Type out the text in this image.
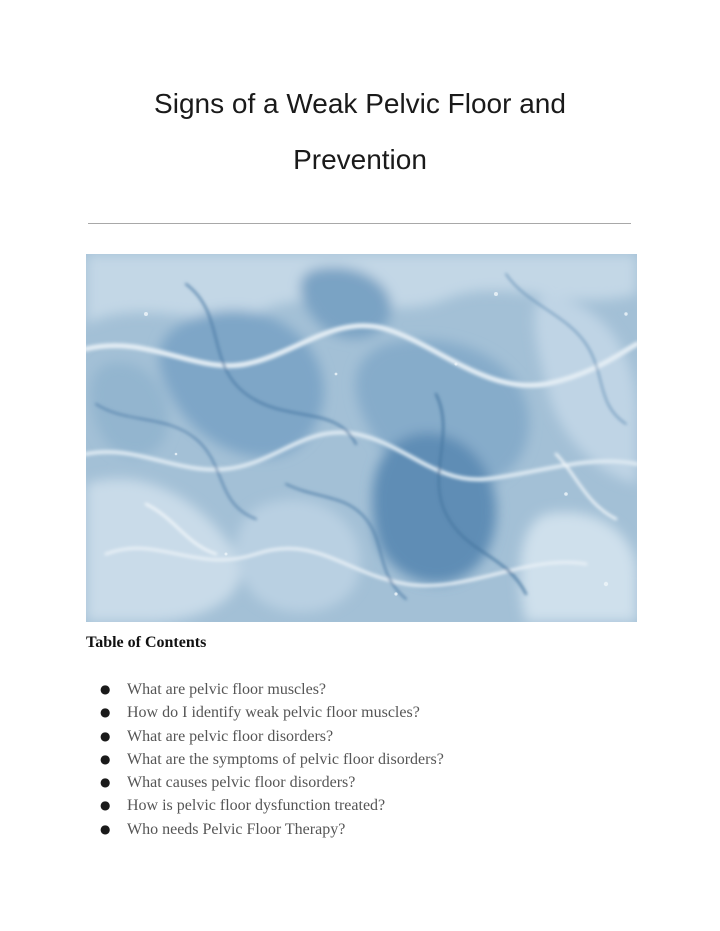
Signs of a Weak Pelvic Floor and
Prevention

Table of Contents

● What are pelvic floor muscles?
● How do I identify weak pelvic floor muscles?
● What are pelvic floor disorders?
● What are the symptoms of pelvic floor disorders?
● What causes pelvic floor disorders?
● How is pelvic floor dysfunction treated?
● Who needs Pelvic Floor Therapy?
